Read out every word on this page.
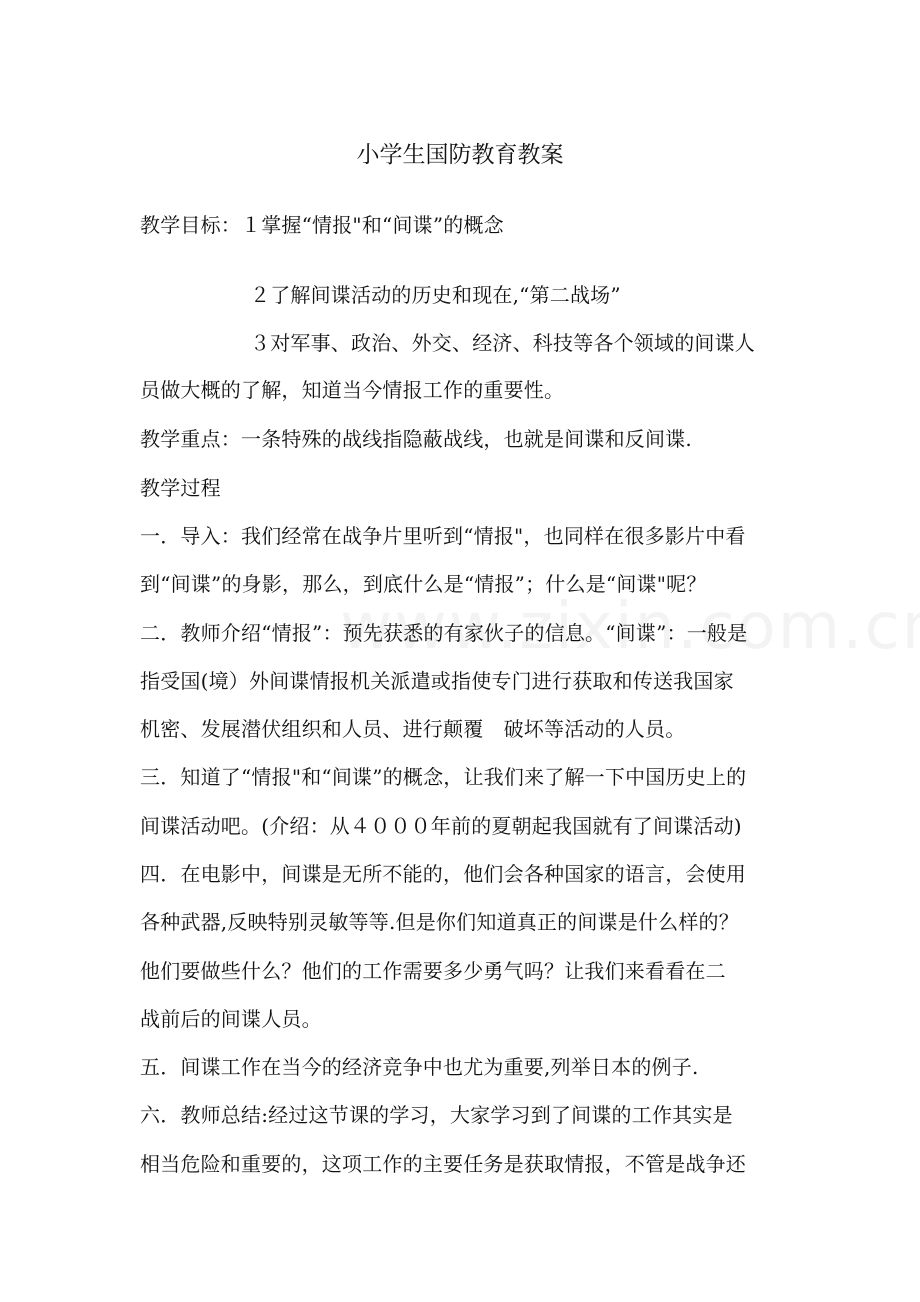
小学生国防教育教案
教学目标：１掌握“情报"和“间谍”的概念
２了解间谍活动的历史和现在,“第二战场”
３对军事、政治、外交、经济、科技等各个领域的间谍人
员做大概的了解，知道当今情报工作的重要性。
教学重点：一条特殊的战线指隐蔽战线，也就是间谍和反间谍.
教学过程
一．导入：我们经常在战争片里听到“情报"，也同样在很多影片中看
到“间谍”的身影，那么，到底什么是“情报”；什么是“间谍"呢？
二．教师介绍“情报”：预先获悉的有家伙子的信息。“间谍”：一般是
指受国(境）外间谍情报机关派遣或指使专门进行获取和传送我国家
机密、发展潜伏组织和人员、进行颠覆　破坏等活动的人员。
三．知道了“情报"和“间谍”的概念，让我们来了解一下中国历史上的
间谍活动吧。(介绍：从４０００年前的夏朝起我国就有了间谍活动)
四．在电影中，间谍是无所不能的，他们会各种国家的语言，会使用
各种武器,反映特别灵敏等等.但是你们知道真正的间谍是什么样的？
他们要做些什么？他们的工作需要多少勇气吗？让我们来看看在二
战前后的间谍人员。
五．间谍工作在当今的经济竞争中也尤为重要,列举日本的例子.
六．教师总结:经过这节课的学习，大家学习到了间谍的工作其实是
相当危险和重要的，这项工作的主要任务是获取情报，不管是战争还
